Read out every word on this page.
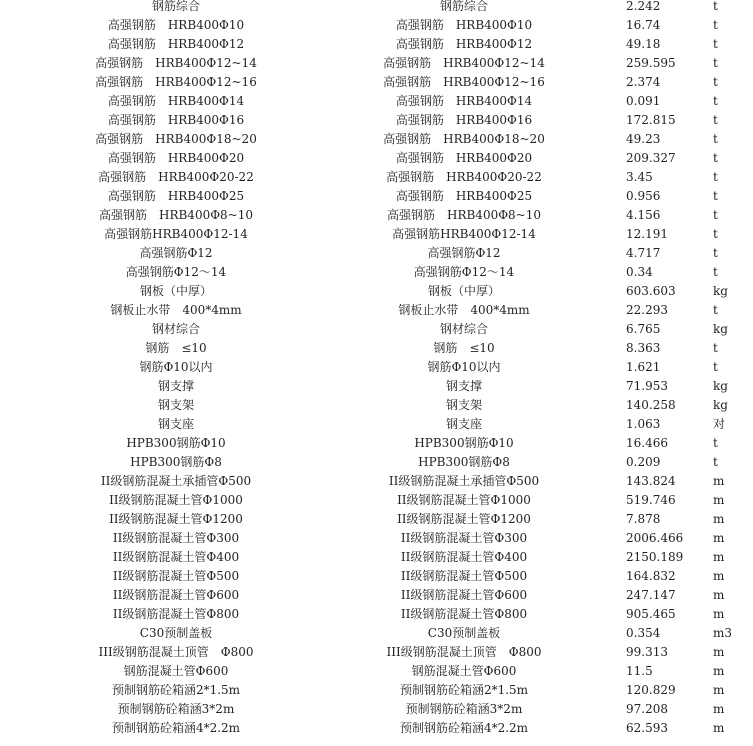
钢筋综合	钢筋综合	2.242	t
高强钢筋　HRB400Φ10	高强钢筋　HRB400Φ10	16.74	t
高强钢筋　HRB400Φ12	高强钢筋　HRB400Φ12	49.18	t
高强钢筋　HRB400Φ12~14	高强钢筋　HRB400Φ12~14	259.595	t
高强钢筋　HRB400Φ12~16	高强钢筋　HRB400Φ12~16	2.374	t
高强钢筋　HRB400Φ14	高强钢筋　HRB400Φ14	0.091	t
高强钢筋　HRB400Φ16	高强钢筋　HRB400Φ16	172.815	t
高强钢筋　HRB400Φ18~20	高强钢筋　HRB400Φ18~20	49.23	t
高强钢筋　HRB400Φ20	高强钢筋　HRB400Φ20	209.327	t
高强钢筋　HRB400Φ20-22	高强钢筋　HRB400Φ20-22	3.45	t
高强钢筋　HRB400Φ25	高强钢筋　HRB400Φ25	0.956	t
高强钢筋　HRB400Φ8~10	高强钢筋　HRB400Φ8~10	4.156	t
高强钢筋HRB400Φ12-14	高强钢筋HRB400Φ12-14	12.191	t
高强钢筋Φ12	高强钢筋Φ12	4.717	t
高强钢筋Φ12～14	高强钢筋Φ12～14	0.34	t
钢板（中厚）	钢板（中厚）	603.603	kg
钢板止水带　400*4mm	钢板止水带　400*4mm	22.293	t
钢材综合	钢材综合	6.765	kg
钢筋　≤10	钢筋　≤10	8.363	t
钢筋Φ10以内	钢筋Φ10以内	1.621	t
钢支撑	钢支撑	71.953	kg
钢支架	钢支架	140.258	kg
钢支座	钢支座	1.063	对
HPB300钢筋Φ10	HPB300钢筋Φ10	16.466	t
HPB300钢筋Φ8	HPB300钢筋Φ8	0.209	t
II级钢筋混凝土承插管Φ500	II级钢筋混凝土承插管Φ500	143.824	m
II级钢筋混凝土管Φ1000	II级钢筋混凝土管Φ1000	519.746	m
II级钢筋混凝土管Φ1200	II级钢筋混凝土管Φ1200	7.878	m
II级钢筋混凝土管Φ300	II级钢筋混凝土管Φ300	2006.466	m
II级钢筋混凝土管Φ400	II级钢筋混凝土管Φ400	2150.189	m
II级钢筋混凝土管Φ500	II级钢筋混凝土管Φ500	164.832	m
II级钢筋混凝土管Φ600	II级钢筋混凝土管Φ600	247.147	m
II级钢筋混凝土管Φ800	II级钢筋混凝土管Φ800	905.465	m
C30预制盖板	C30预制盖板	0.354	m3
III级钢筋混凝土顶管　Φ800	III级钢筋混凝土顶管　Φ800	99.313	m
钢筋混凝土管Φ600	钢筋混凝土管Φ600	11.5	m
预制钢筋砼箱涵2*1.5m	预制钢筋砼箱涵2*1.5m	120.829	m
预制钢筋砼箱涵3*2m	预制钢筋砼箱涵3*2m	97.208	m
预制钢筋砼箱涵4*2.2m	预制钢筋砼箱涵4*2.2m	62.593	m
